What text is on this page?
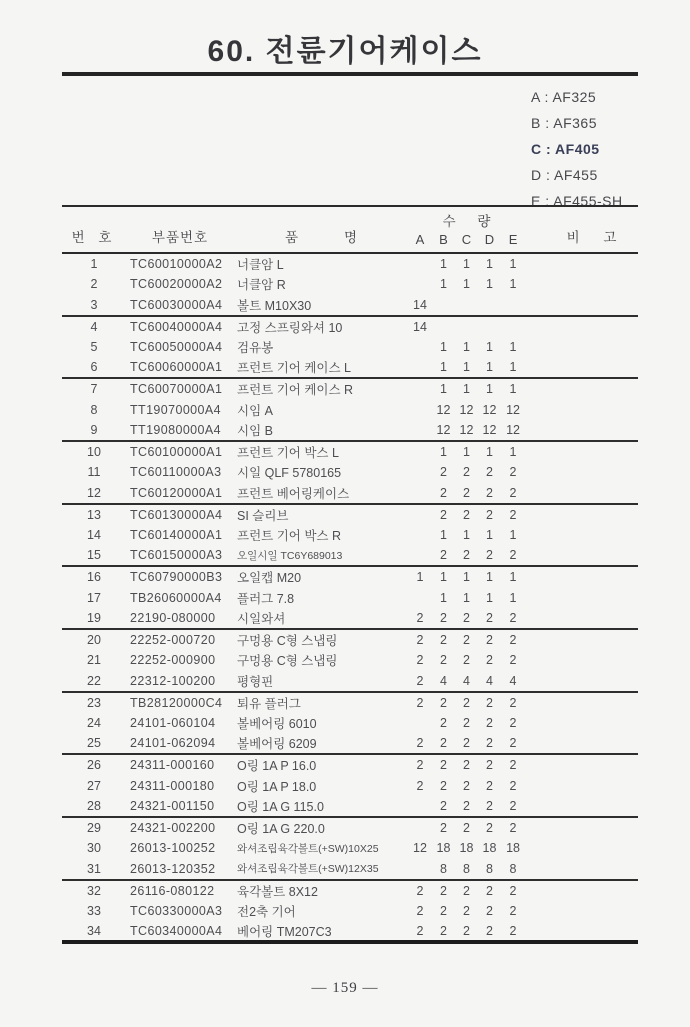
60. 전륜기어케이스
A : AF325
B : AF365
C : AF405
D : AF455
E : AF455-SH
번 호	부품번호	품 명	수 량					비 고
			A	B	C	D	E	
1	TC60010000A2	너클암 L		1	1	1	1	
2	TC60020000A2	너클암 R		1	1	1	1	
3	TC60030000A4	볼트 M10X30	14					
4	TC60040000A4	고정 스프링와셔 10	14					
5	TC60050000A4	검유봉		1	1	1	1	
6	TC60060000A1	프런트 기어 케이스 L		1	1	1	1	
7	TC60070000A1	프런트 기어 케이스 R		1	1	1	1	
8	TT19070000A4	시임 A		12	12	12	12	
9	TT19080000A4	시임 B		12	12	12	12	
10	TC60100000A1	프런트 기어 박스 L		1	1	1	1	
11	TC60110000A3	시일 QLF 5780165		2	2	2	2	
12	TC60120000A1	프런트 베어링케이스		2	2	2	2	
13	TC60130000A4	SI 슬리브		2	2	2	2	
14	TC60140000A1	프런트 기어 박스 R		1	1	1	1	
15	TC60150000A3	오일시일 TC6Y689013		2	2	2	2	
16	TC60790000B3	오일캡 M20	1	1	1	1	1	
17	TB26060000A4	플러그 7.8		1	1	1	1	
19	22190-080000	시일와셔	2	2	2	2	2	
20	22252-000720	구멍용 C형 스냅링	2	2	2	2	2	
21	22252-000900	구멍용 C형 스냅링	2	2	2	2	2	
22	22312-100200	평형핀	2	4	4	4	4	
23	TB28120000C4	퇴유 플러그	2	2	2	2	2	
24	24101-060104	볼베어링 6010		2	2	2	2	
25	24101-062094	볼베어링 6209	2	2	2	2	2	
26	24311-000160	O링 1A P 16.0	2	2	2	2	2	
27	24311-000180	O링 1A P 18.0	2	2	2	2	2	
28	24321-001150	O링 1A G 115.0		2	2	2	2	
29	24321-002200	O링 1A G 220.0		2	2	2	2	
30	26013-100252	와셔조립육각볼트(+SW)10X25	12	18	18	18	18	
31	26013-120352	와셔조립육각볼트(+SW)12X35		8	8	8	8	
32	26116-080122	육각볼트 8X12	2	2	2	2	2	
33	TC60330000A3	전2축 기어	2	2	2	2	2	
34	TC60340000A4	베어링 TM207C3	2	2	2	2	2	
— 159 —
